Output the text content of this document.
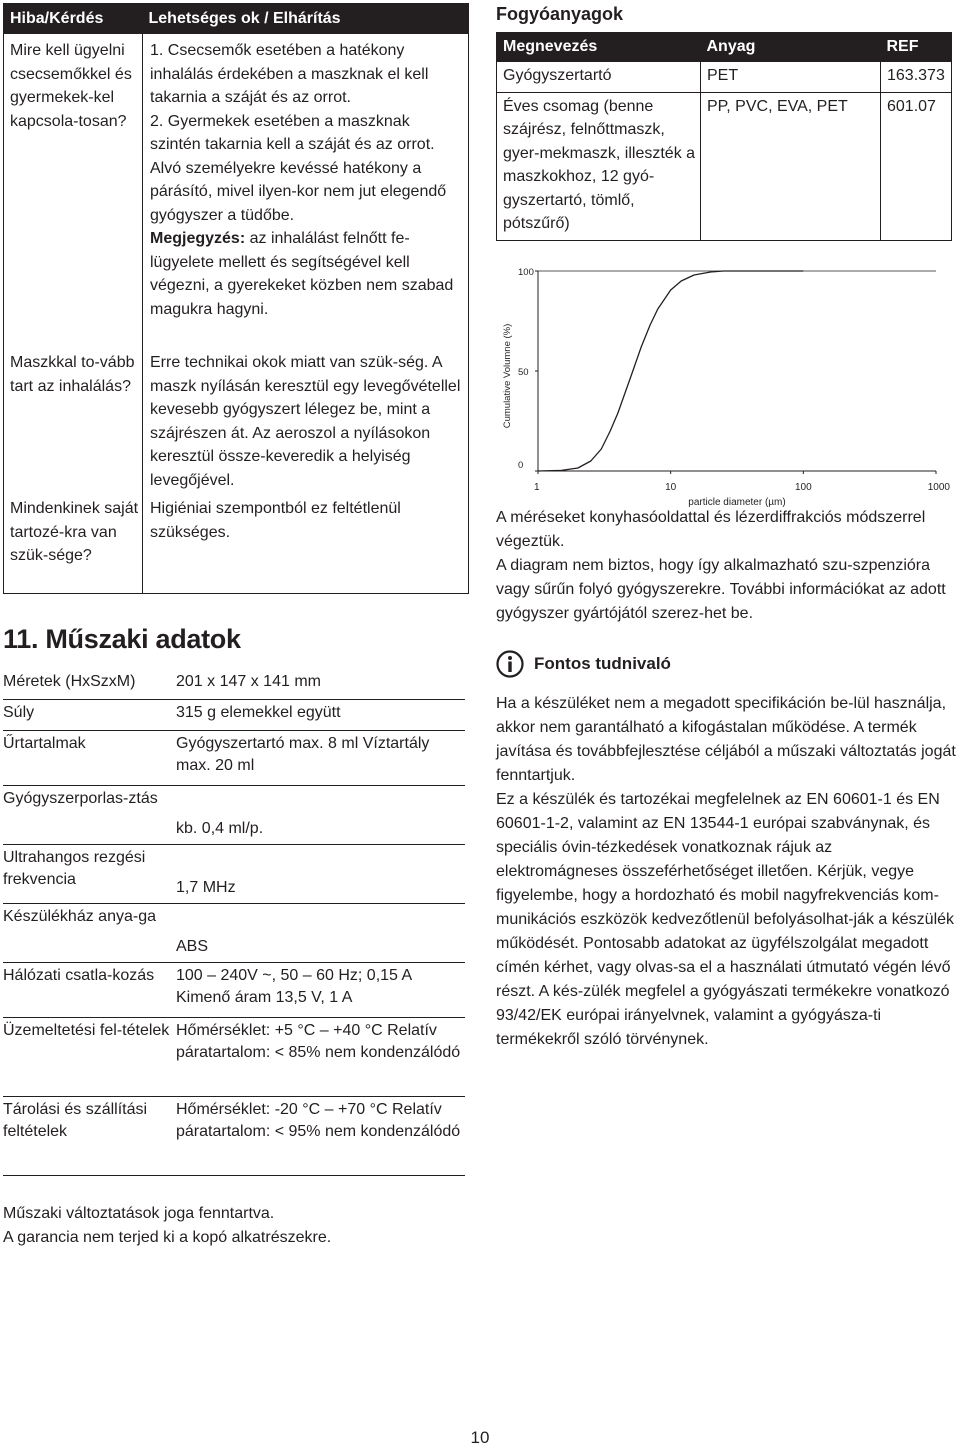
Hiba/Kérdés	Lehetséges ok / Elhárítás
Mire kell ügyelni csecsemőkkel és gyermekek-kel kapcsola-tosan?	1. Csecsemők esetében a hatékony inhalálás érdekében a maszknak el kell takarnia a száját és az orrot.

2. Gyermekek esetében a maszknak szintén takarnia kell a száját és az orrot. Alvó személyekre kevéssé hatékony a párásító, mivel ilyen-kor nem jut elegendő gyógyszer a tüdőbe.

Megjegyzés: az inhalálást felnőtt fe-lügyelete mellett és segítségével kell végezni, a gyerekeket közben nem szabad magukra hagyni.

Maszkkal to-vább tart az inhalálás?	Erre technikai okok miatt van szük-ség. A maszk nyílásán keresztül egy levegővétellel kevesebb gyógyszert lélegez be, mint a szájrészen át. Az aeroszol a nyílásokon keresztül össze-keveredik a helyiség levegőjével.
Mindenkinek saját tartozé-kra van szük-sége?	Higiéniai szempontból ez feltétlenül szükséges.
11. Műszaki adatok
Méretek (HxSzxM)	201 x 147 x 141 mm
Súly	315 g elemekkel együtt
Űrtartalmak	Gyógyszertartó max. 8 ml Víztartály max. 20 ml
Gyógyszerporlas-ztás	kb. 0,4 ml/p.
Ultrahangos rezgési frekvencia	1,7 MHz
Készülékház anya-ga	ABS
Hálózati csatla-kozás	100 – 240V ~, 50 – 60 Hz; 0,15 A Kimenő áram 13,5 V, 1 A
Üzemeltetési fel-tételek	Hőmérséklet: +5 °C – +40 °C Relatív páratartalom: < 85% nem kondenzálódó
Tárolási és szállítási feltételek	Hőmérséklet: -20 °C – +70 °C Relatív páratartalom: < 95% nem kondenzálódó
Műszaki változtatások joga fenntartva.
A garancia nem terjed ki a kopó alkatrészekre.
Fogyóanyagok
Megnevezés	Anyag	REF
Gyógyszertartó	PET	163.373
Éves csomag (benne szájrész, felnőttmaszk, gyer-mekmaszk, illeszték a maszkokhoz, 12 gyó-gyszertartó, tömlő, pótszűrő)	PP, PVC, EVA, PET	601.07
0
50
100
1	10	100	1000
particle diameter (µm)
Cumulative Volumne (%)

A méréseket konyhasóoldattal és lézerdiffrakciós módszerrel végeztük.

A diagram nem biztos, hogy így alkalmazható szu-szpenzióra vagy sűrűn folyó gyógyszerekre. További információkat az adott gyógyszer gyártójától szerez-het be.

Fontos tudnivaló

Ha a készüléket nem a megadott specifikáción be-lül használja, akkor nem garantálható a kifogástalan működése. A termék javítása és továbbfejlesztése céljából a műszaki változtatás jogát fenntartjuk.

Ez a készülék és tartozékai megfelelnek az EN 60601-1 és EN 60601-1-2, valamint az EN 13544-1 európai szabványnak, és speciális óvin-tézkedések vonatkoznak rájuk az elektromágneses összeférhetőséget illetően. Kérjük, vegye figyelembe, hogy a hordozható és mobil nagyfrekvenciás kom-munikációs eszközök kedvezőtlenül befolyásolhat-ják a készülék működését. Pontosabb adatokat az ügyfélszolgálat megadott címén kérhet, vagy olvas-sa el a használati útmutató végén lévő részt. A kés-zülék megfelel a gyógyászati termékekre vonatkozó 93/42/EK európai irányelvnek, valamint a gyógyásza-ti termékekről szóló törvénynek.

10
